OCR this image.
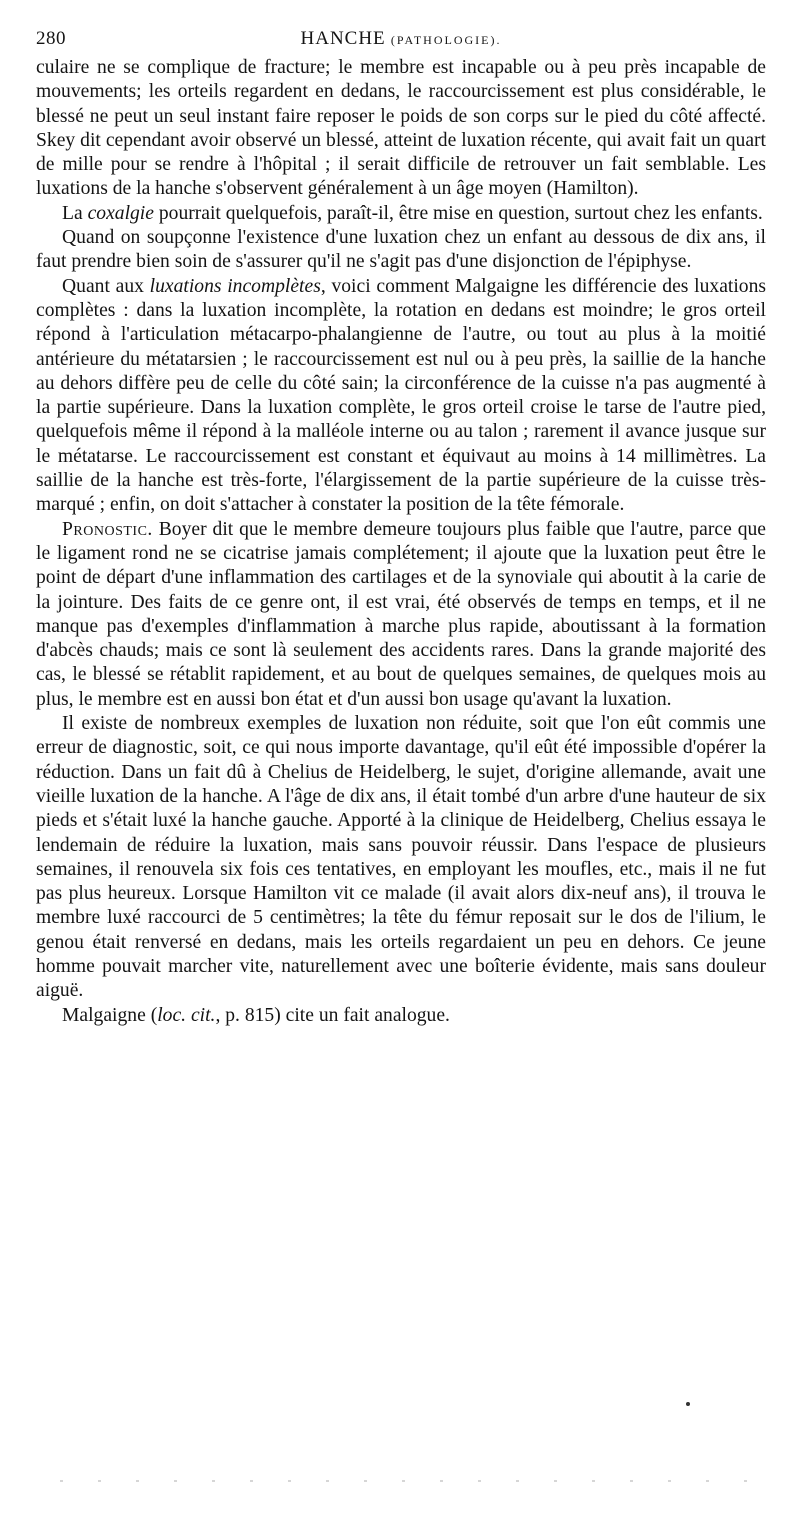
280	HANCHE (PATHOLOGIE).

culaire ne se complique de fracture; le membre est incapable ou à peu près incapable de mouvements; les orteils regardent en dedans, le raccourcissement est plus considérable, le blessé ne peut un seul instant faire reposer le poids de son corps sur le pied du côté affecté. Skey dit cependant avoir observé un blessé, atteint de luxation récente, qui avait fait un quart de mille pour se rendre à l'hôpital ; il serait difficile de retrouver un fait semblable. Les luxations de la hanche s'observent généralement à un âge moyen (Hamilton).

La coxalgie pourrait quelquefois, paraît-il, être mise en question, surtout chez les enfants.

Quand on soupçonne l'existence d'une luxation chez un enfant au dessous de dix ans, il faut prendre bien soin de s'assurer qu'il ne s'agit pas d'une disjonction de l'épiphyse.

Quant aux luxations incomplètes, voici comment Malgaigne les différencie des luxations complètes : dans la luxation incomplète, la rotation en dedans est moindre; le gros orteil répond à l'articulation métacarpo-phalangienne de l'autre, ou tout au plus à la moitié antérieure du métatarsien ; le raccourcissement est nul ou à peu près, la saillie de la hanche au dehors diffère peu de celle du côté sain; la circonférence de la cuisse n'a pas augmenté à la partie supérieure. Dans la luxation complète, le gros orteil croise le tarse de l'autre pied, quelquefois même il répond à la malléole interne ou au talon ; rarement il avance jusque sur le métatarse. Le raccourcissement est constant et équivaut au moins à 14 millimètres. La saillie de la hanche est très-forte, l'élargissement de la partie supérieure de la cuisse très-marqué ; enfin, on doit s'attacher à constater la position de la tête fémorale.

Pronostic. Boyer dit que le membre demeure toujours plus faible que l'autre, parce que le ligament rond ne se cicatrise jamais complétement; il ajoute que la luxation peut être le point de départ d'une inflammation des cartilages et de la synoviale qui aboutit à la carie de la jointure. Des faits de ce genre ont, il est vrai, été observés de temps en temps, et il ne manque pas d'exemples d'inflammation à marche plus rapide, aboutissant à la formation d'abcès chauds; mais ce sont là seulement des accidents rares. Dans la grande majorité des cas, le blessé se rétablit rapidement, et au bout de quelques semaines, de quelques mois au plus, le membre est en aussi bon état et d'un aussi bon usage qu'avant la luxation.

Il existe de nombreux exemples de luxation non réduite, soit que l'on eût commis une erreur de diagnostic, soit, ce qui nous importe davantage, qu'il eût été impossible d'opérer la réduction. Dans un fait dû à Chelius de Heidelberg, le sujet, d'origine allemande, avait une vieille luxation de la hanche. A l'âge de dix ans, il était tombé d'un arbre d'une hauteur de six pieds et s'était luxé la hanche gauche. Apporté à la clinique de Heidelberg, Chelius essaya le lendemain de réduire la luxation, mais sans pouvoir réussir. Dans l'espace de plusieurs semaines, il renouvela six fois ces tentatives, en employant les moufles, etc., mais il ne fut pas plus heureux. Lorsque Hamilton vit ce malade (il avait alors dix-neuf ans), il trouva le membre luxé raccourci de 5 centimètres; la tête du fémur reposait sur le dos de l'ilium, le genou était renversé en dedans, mais les orteils regardaient un peu en dehors. Ce jeune homme pouvait marcher vite, naturellement avec une boîterie évidente, mais sans douleur aiguë.

Malgaigne (loc. cit., p. 815) cite un fait analogue.
